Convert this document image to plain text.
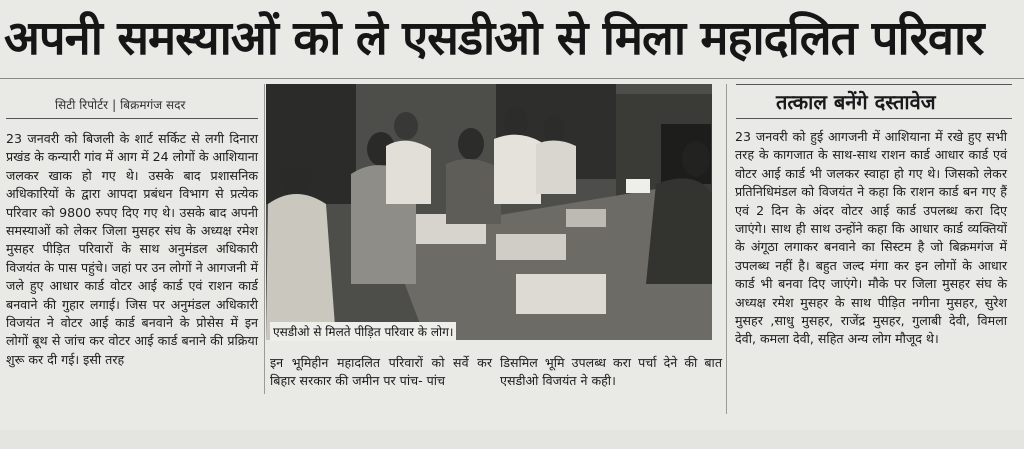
अपनी समस्याओं को ले एसडीओ से मिला महादलित परिवार
सिटी रिपोर्टर | बिक्रमगंज सदर
23 जनवरी को बिजली के शार्ट सर्किट से लगी दिनारा प्रखंड के कन्यारी गांव में आग में 24 लोगों के आशियाना जलकर खाक हो गए थे। उसके बाद प्रशासनिक अधिकारियों के द्वारा आपदा प्रबंधन विभाग से प्रत्येक परिवार को 9800 रुपए दिए गए थे। उसके बाद अपनी समस्याओं को लेकर जिला मुसहर संघ के अध्यक्ष रमेश मुसहर पीड़ित परिवारों के साथ अनुमंडल अधिकारी विजयंत के पास पहुंचे। जहां पर उन लोगों ने आगजनी में जले हुए आधार कार्ड वोटर आई कार्ड एवं राशन कार्ड बनवाने की गुहार लगाई। जिस पर अनुमंडल अधिकारी विजयंत ने वोटर आई कार्ड बनवाने के प्रोसेस में इन लोगों बूथ से जांच कर वोटर आई कार्ड बनाने की प्रक्रिया शुरू कर दी गई। इसी तरह
एसडीओ से मिलते पीड़ित परिवार के लोग।
इन भूमिहीन महादलित परिवारों को सर्वे कर बिहार सरकार की जमीन पर पांच- पांच
डिसमिल भूमि उपलब्ध करा पर्चा देने की बात एसडीओ विजयंत ने कही।
तत्काल बनेंगे दस्तावेज
23 जनवरी को हुई आगजनी में आशियाना में रखे हुए सभी तरह के कागजात के साथ-साथ राशन कार्ड आधार कार्ड एवं वोटर आई कार्ड भी जलकर स्वाहा हो गए थे। जिसको लेकर प्रतिनिधिमंडल को विजयंत ने कहा कि राशन कार्ड बन गए हैं एवं 2 दिन के अंदर वोटर आई कार्ड उपलब्ध करा दिए जाएंगे। साथ ही साथ उन्होंने कहा कि आधार कार्ड व्यक्तियों के अंगूठा लगाकर बनवाने का सिस्टम है जो बिक्रमगंज में उपलब्ध नहीं है। बहुत जल्द मंगा कर इन लोगों के आधार कार्ड भी बनवा दिए जाएंगे। मौके पर जिला मुसहर संघ के अध्यक्ष रमेश मुसहर के साथ पीड़ित नगीना मुसहर, सुरेश मुसहर ,साधु मुसहर, राजेंद्र मुसहर, गुलाबी देवी, विमला देवी, कमला देवी, सहित अन्य लोग मौजूद थे।
